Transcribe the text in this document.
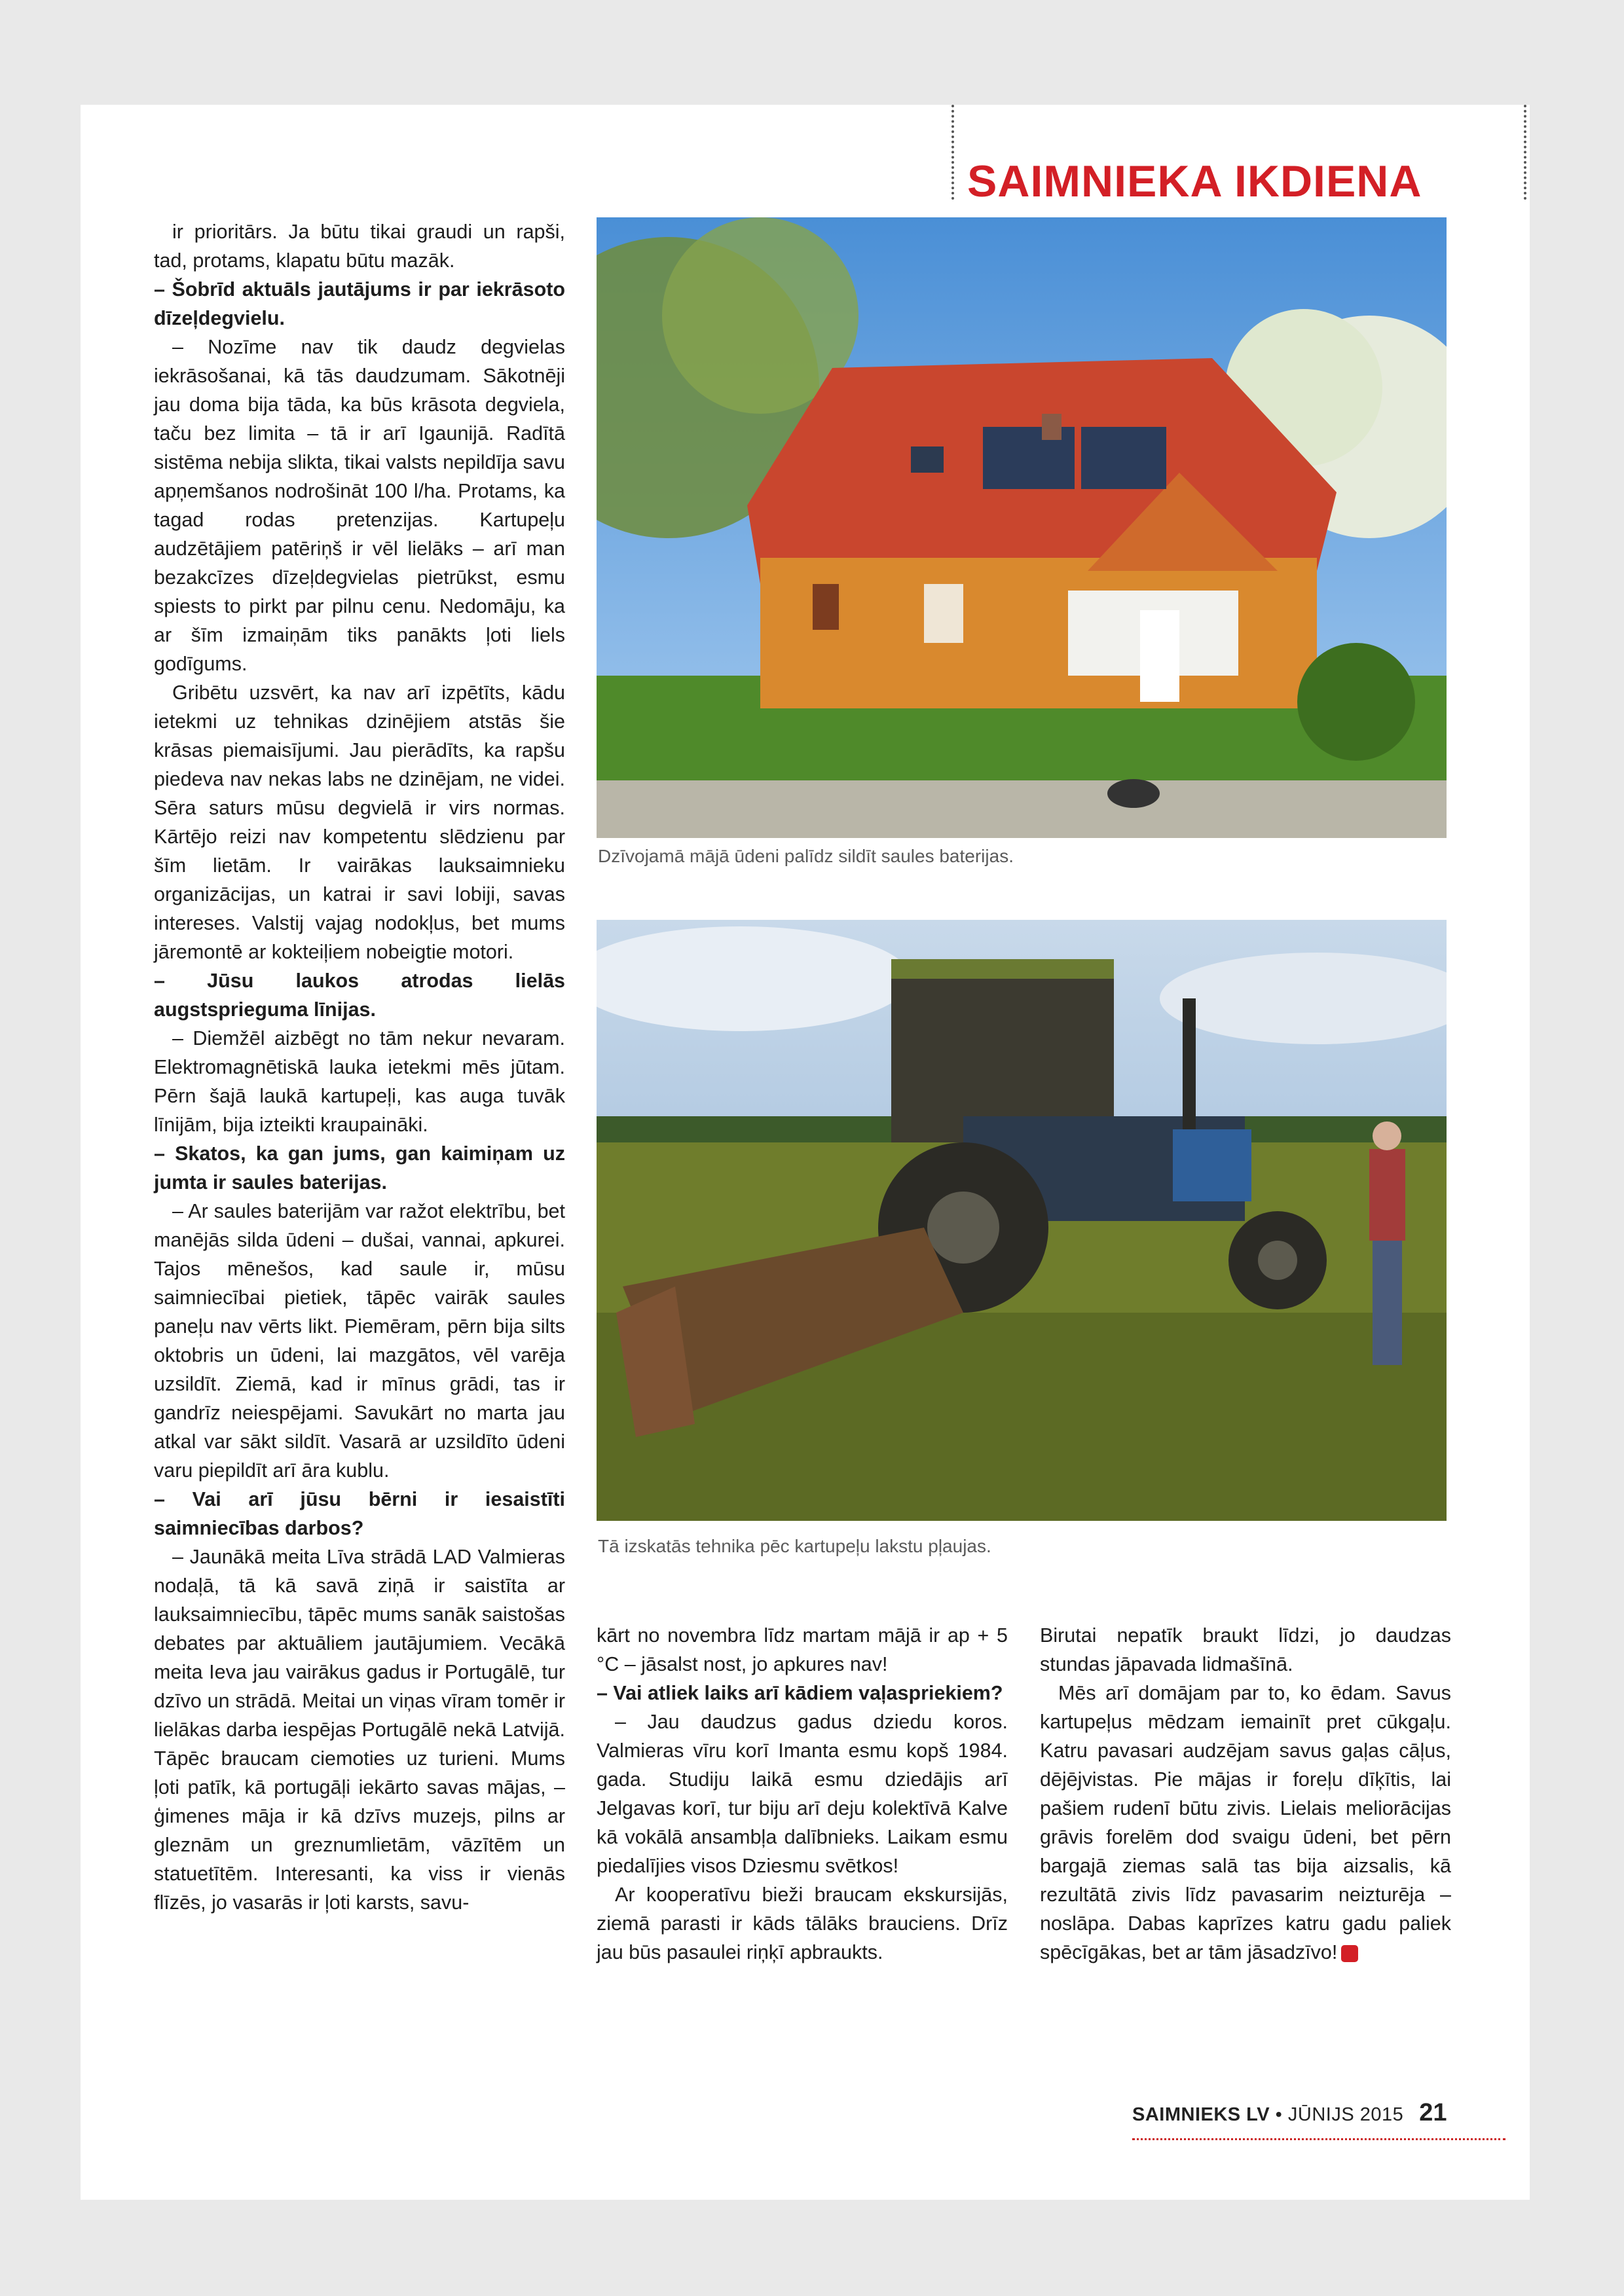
SAIMNIEKA IKDIENA

ir prioritārs. Ja būtu tikai graudi un rapši, tad, protams, klapatu būtu mazāk.

– Šobrīd aktuāls jautājums ir par iekrāsoto dīzeļdegvielu.

– Nozīme nav tik daudz degvielas iekrāsošanai, kā tās daudzumam. Sākotnēji jau doma bija tāda, ka būs krāsota degviela, taču bez limita – tā ir arī Igaunijā. Radītā sistēma nebija slikta, tikai valsts nepildīja savu apņemšanos nodrošināt 100 l/ha. Protams, ka tagad rodas pretenzijas. Kartupeļu audzētājiem patēriņš ir vēl lielāks – arī man bezakcīzes dīzeļdegvielas pietrūkst, esmu spiests to pirkt par pilnu cenu. Nedomāju, ka ar šīm izmaiņām tiks panākts ļoti liels godīgums.

Gribētu uzsvērt, ka nav arī izpētīts, kādu ietekmi uz tehnikas dzinējiem atstās šie krāsas piemaisījumi. Jau pierādīts, ka rapšu piedeva nav nekas labs ne dzinējam, ne videi. Sēra saturs mūsu degvielā ir virs normas. Kārtējo reizi nav kompetentu slēdzienu par šīm lietām. Ir vairākas lauksaimnieku organizācijas, un katrai ir savi lobiji, savas intereses. Valstij vajag nodokļus, bet mums jāremontē ar kokteiļiem nobeigtie motori.

– Jūsu laukos atrodas lielās augstsprieguma līnijas.

– Diemžēl aizbēgt no tām nekur nevaram. Elektromagnētiskā lauka ietekmi mēs jūtam. Pērn šajā laukā kartupeļi, kas auga tuvāk līnijām, bija izteikti kraupaināki.

– Skatos, ka gan jums, gan kaimiņam uz jumta ir saules baterijas.

– Ar saules baterijām var ražot elektrību, bet manējās silda ūdeni – dušai, vannai, apkurei. Tajos mēnešos, kad saule ir, mūsu saimniecībai pietiek, tāpēc vairāk saules paneļu nav vērts likt. Piemēram, pērn bija silts oktobris un ūdeni, lai mazgātos, vēl varēja uzsildīt. Ziemā, kad ir mīnus grādi, tas ir gandrīz neiespējami. Savukārt no marta jau atkal var sākt sildīt. Vasarā ar uzsildīto ūdeni varu piepildīt arī āra kublu.

– Vai arī jūsu bērni ir iesaistīti saimniecības darbos?

– Jaunākā meita Līva strādā LAD Valmieras nodaļā, tā kā savā ziņā ir saistīta ar lauksaimniecību, tāpēc mums sanāk saistošas debates par aktuāliem jautājumiem. Vecākā meita Ieva jau vairākus gadus ir Portugālē, tur dzīvo un strādā. Meitai un viņas vīram tomēr ir lielākas darba iespējas Portugālē nekā Latvijā. Tāpēc braucam ciemoties uz turieni. Mums ļoti patīk, kā portugāļi iekārto savas mājas, – ģimenes māja ir kā dzīvs muzejs, pilns ar gleznām un greznumlietām, vāzītēm un statuetītēm. Interesanti, ka viss ir vienās flīzēs, jo vasarās ir ļoti karsts, savu-

Dzīvojamā mājā ūdeni palīdz sildīt saules baterijas.
Tā izskatās tehnika pēc kartupeļu lakstu pļaujas.

kārt no novembra līdz martam mājā ir ap + 5 °C – jāsalst nost, jo apkures nav!

– Vai atliek laiks arī kādiem vaļaspriekiem?

– Jau daudzus gadus dziedu koros. Valmieras vīru korī Imanta esmu kopš 1984. gada. Studiju laikā esmu dziedājis arī Jelgavas korī, tur biju arī deju kolektīvā Kalve kā vokālā ansambļa dalībnieks. Laikam esmu piedalījies visos Dziesmu svētkos!

Ar kooperatīvu bieži braucam ekskursijās, ziemā parasti ir kāds tālāks brauciens. Drīz jau būs pasaulei riņķī apbraukts.

Birutai nepatīk braukt līdzi, jo daudzas stundas jāpavada lidmašīnā.

Mēs arī domājam par to, ko ēdam. Savus kartupeļus mēdzam iemainīt pret cūkgaļu. Katru pavasari audzējam savus gaļas cāļus, dējējvistas. Pie mājas ir foreļu dīķītis, lai pašiem rudenī būtu zivis. Lielais meliorācijas grāvis forelēm dod svaigu ūdeni, bet pērn bargajā ziemas salā tas bija aizsalis, kā rezultātā zivis līdz pavasarim neizturēja – noslāpa. Dabas kaprīzes katru gadu paliek spēcīgākas, bet ar tām jāsadzīvo!	SV

SAIMNIEKS LV • JŪNIJS 2015 21
